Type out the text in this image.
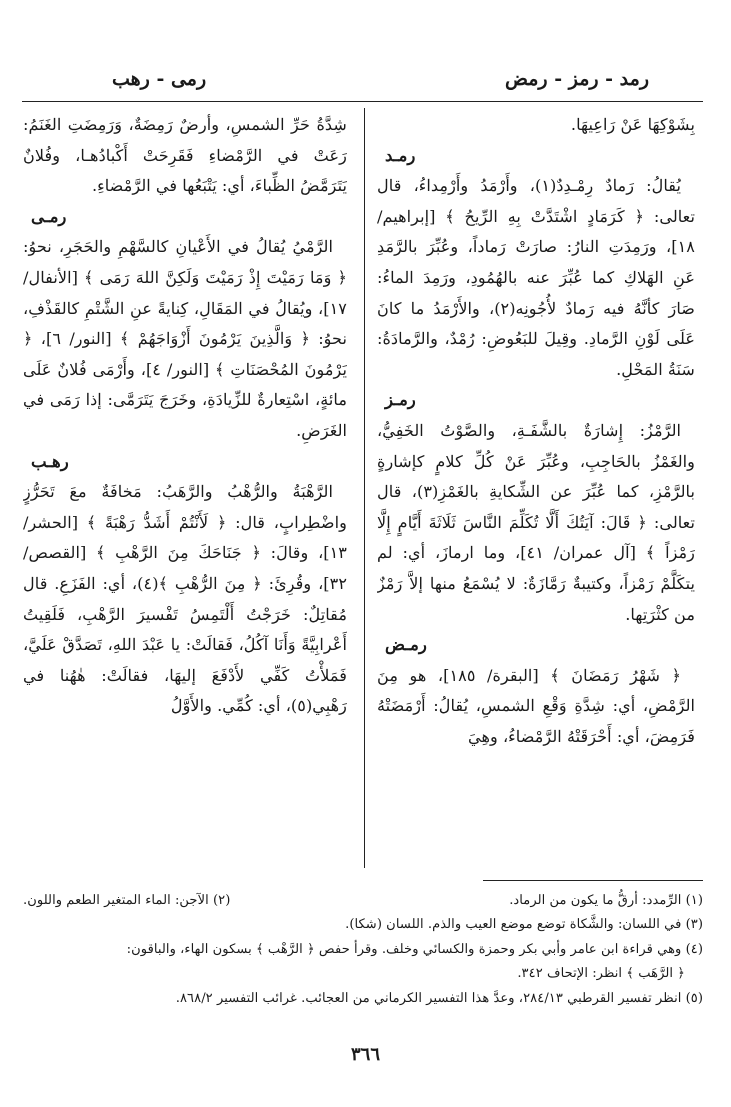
رمد - رمز - رمض
رمى - رهب

بِشَوْكِهَا عَنْ رَاعِيهَا.

رمـد

يُقالُ: رَمادٌ رِمْـدِدٌ(١)، وأَرْمَدُ وأَرْمِداءُ، قال تعالى: ﴿ كَرَمَادٍ اشْتَدَّتْ بِهِ الرِّيحُ ﴾ [إبراهيم/ ١٨]، ورَمِدَتِ النارُ: صارَتْ رَماداً، وعُبِّرَ بالرَّمَدِ عَنِ الهَلاكِ كما عُبِّرَ عنه بالهُمُودِ، ورَمِدَ الماءُ: صَارَ كأنَّهُ فيه رَمادٌ لأُجُونِه(٢)، والأَرْمَدُ ما كانَ عَلَى لَوْنِ الرَّمادِ. وقِيلَ للبَعُوضِ: رُمْدٌ، والرَّمادَةُ: سَنَةُ المَحْلِ.

رمـز

الرَّمْزُ: إِشارَةٌ بالشَّفَـةِ، والصَّوْتُ الخَفِيُّ، والغَمْزُ بالحَاجِبِ، وعُبِّرَ عَنْ كُلِّ كلامٍ كإشارةٍ بالرَّمْزِ، كما عُبِّرَ عن الشِّكايةِ بالغَمْزِ(٣)، قال تعالى: ﴿ قَالَ: آيَتُكَ أَلَّا تُكَلِّمَ النَّاسَ ثَلَاثَةَ أَيَّامٍ إِلَّا رَمْزاً ﴾ [آل عمران/ ٤١]، وما ارمازَ، أي: لم يتكَلَّمْ رَمْزاً، وكتيبةٌ رَمَّازَةٌ: لا يُسْمَعُ منها إلاَّ رَمْزٌ من كثْرَتِها.

رمـض

﴿ شَهْرُ رَمَضَانَ ﴾ [البقرة/ ١٨٥]، هو مِنَ الرَّمْضِ، أي: شِدَّةِ وَقْعِ الشمسِ، يُقالُ: أَرْمَضَتْهُ فَرَمِضَ، أي: أَحْرَقَتْهُ الرَّمْضاءُ، وهِيَ

شِدَّةُ حَرِّ الشمسِ، وأرضٌ رَمِضَةٌ، وَرَمِضَتِ الغَنَمُ: رَعَتْ في الرَّمْضاءِ فَقَرِحَتْ أَكْبادُهـا، وفُلانٌ يَتَرَمَّضُ الظِّباءَ، أي: يَتْبَعُها في الرَّمْضاءِ.

رمـى

الرَّمْيُ يُقالُ في الأَعْيانِ كالسَّهْمِ والحَجَرِ، نحوُ: ﴿ وَمَا رَمَيْتَ إِذْ رَمَيْتَ وَلَكِنَّ اللهَ رَمَى ﴾ [الأنفال/ ١٧]، ويُقالُ في المَقَالِ، كِنايةً عنِ الشَّتْمِ كالقَذْفِ، نحوُ: ﴿ وَالَّذِينَ يَرْمُونَ أَزْوَاجَهُمْ ﴾ [النور/ ٦]، ﴿ يَرْمُونَ المُحْصَنَاتِ ﴾ [النور/ ٤]، وأَرْمَى فُلانٌ عَلَى مائةٍ، اسْتِعارةٌ للزِّيادَةِ، وخَرَجَ يَتَرَمَّى: إذا رَمَى في الغَرَضِ.

رهـب

الرَّهْبَةُ والرُّهْبُ والرَّهَبُ: مَخافَةٌ معَ تَحَرُّزٍ واضْطِرابٍ، قال: ﴿ لَأَنْتُمْ أَشَدُّ رَهْبَةً ﴾ [الحشر/ ١٣]، وقالَ: ﴿ جَنَاحَكَ مِنَ الرَّهْبِ ﴾ [القصص/ ٣٢]، وقُرِئَ: ﴿ مِنَ الرُّهْبِ ﴾(٤)، أي: الفَزَعِ. قال مُقاتِلٌ: خَرَجْتُ أَلْتَمِسُ تَفْسيرَ الرَّهْبِ، فَلَقِيتُ أَعْرابِيَّةً وَأَنَا آكُلُ، فَقالَتْ: يا عَبْدَ اللهِ، تَصَدَّقْ عَلَيَّ، فَمَلأْتُ كَفِّي لأَدْفَعَ إليهَا، فقالَتْ: هٰهُنا في رَهْبِي(٥)، أي: كُمِّي. والأَوَّلُ

(١) الرِّمدد: أرقُّ ما يكون من الرماد.
(٢) الآجن: الماء المتغير الطعم واللون.

(٣) في اللسان: والشَّكاة توضع موضع العيب والذم. اللسان (شكا).

(٤) وهي قراءة ابن عامر وأبي بكر وحمزة والكسائي وخلف. وقرأ حفص ﴿ الرَّهْب ﴾ بسكون الهاء، والباقون:

﴿ الرَّهَب ﴾ انظر: الإتحاف ٣٤٢.

(٥) انظر تفسير القرطبي ٢٨٤/١٣، وعدَّ هذا التفسير الكرماني من العجائب. غرائب التفسير ٨٦٨/٢.

٣٦٦
